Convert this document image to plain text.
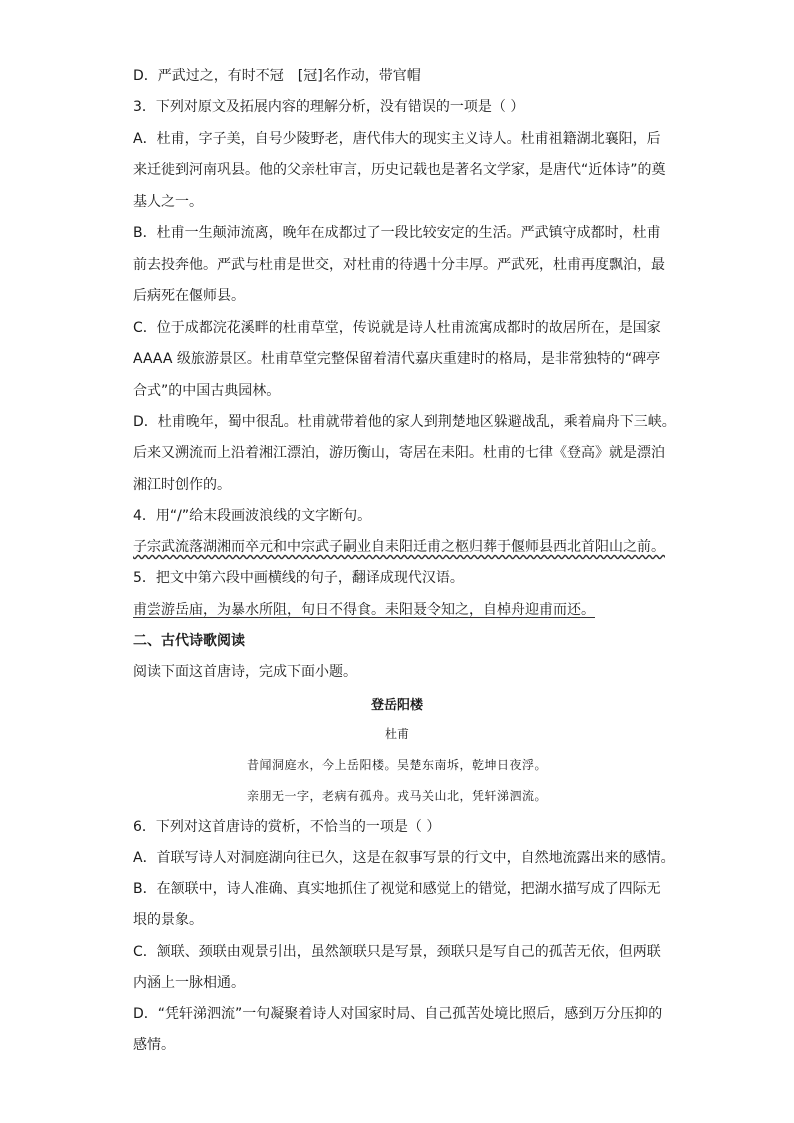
D．严武过之，有时不冠　[冠]名作动，带官帽
3．下列对原文及拓展内容的理解分析，没有错误的一项是（ ）
A．杜甫，字子美，自号少陵野老，唐代伟大的现实主义诗人。杜甫祖籍湖北襄阳，后
来迁徙到河南巩县。他的父亲杜审言，历史记载也是著名文学家，是唐代“近体诗”的奠
基人之一。
B．杜甫一生颠沛流离，晚年在成都过了一段比较安定的生活。严武镇守成都时，杜甫
前去投奔他。严武与杜甫是世交，对杜甫的待遇十分丰厚。严武死，杜甫再度飘泊，最
后病死在偃师县。
C．位于成都浣花溪畔的杜甫草堂，传说就是诗人杜甫流寓成都时的故居所在，是国家
AAAA 级旅游景区。杜甫草堂完整保留着清代嘉庆重建时的格局，是非常独特的“碑亭
合式”的中国古典园林。
D．杜甫晚年，蜀中很乱。杜甫就带着他的家人到荆楚地区躲避战乱，乘着扁舟下三峡。
后来又溯流而上沿着湘江漂泊，游历衡山，寄居在耒阳。杜甫的七律《登高》就是漂泊
湘江时创作的。
4．用“/”给末段画波浪线的文字断句。
子宗武流落湖湘而卒元和中宗武子嗣业自耒阳迁甫之柩归葬于偃师县西北首阳山之前。
5．把文中第六段中画横线的句子，翻译成现代汉语。
甫尝游岳庙，为暴水所阻，旬日不得食。耒阳聂令知之，自棹舟迎甫而还。
二、古代诗歌阅读
阅读下面这首唐诗，完成下面小题。
登岳阳楼
杜甫
昔闻洞庭水，今上岳阳楼。吴楚东南坼，乾坤日夜浮。
亲朋无一字，老病有孤舟。戎马关山北，凭轩涕泗流。
6．下列对这首唐诗的赏析，不恰当的一项是（ ）
A．首联写诗人对洞庭湖向往已久，这是在叙事写景的行文中，自然地流露出来的感情。
B．在颔联中，诗人准确、真实地抓住了视觉和感觉上的错觉，把湖水描写成了四际无
垠的景象。
C．颔联、颈联由观景引出，虽然颔联只是写景，颈联只是写自己的孤苦无依，但两联
内涵上一脉相通。
D．“凭轩涕泗流”一句凝聚着诗人对国家时局、自己孤苦处境比照后，感到万分压抑的
感情。
